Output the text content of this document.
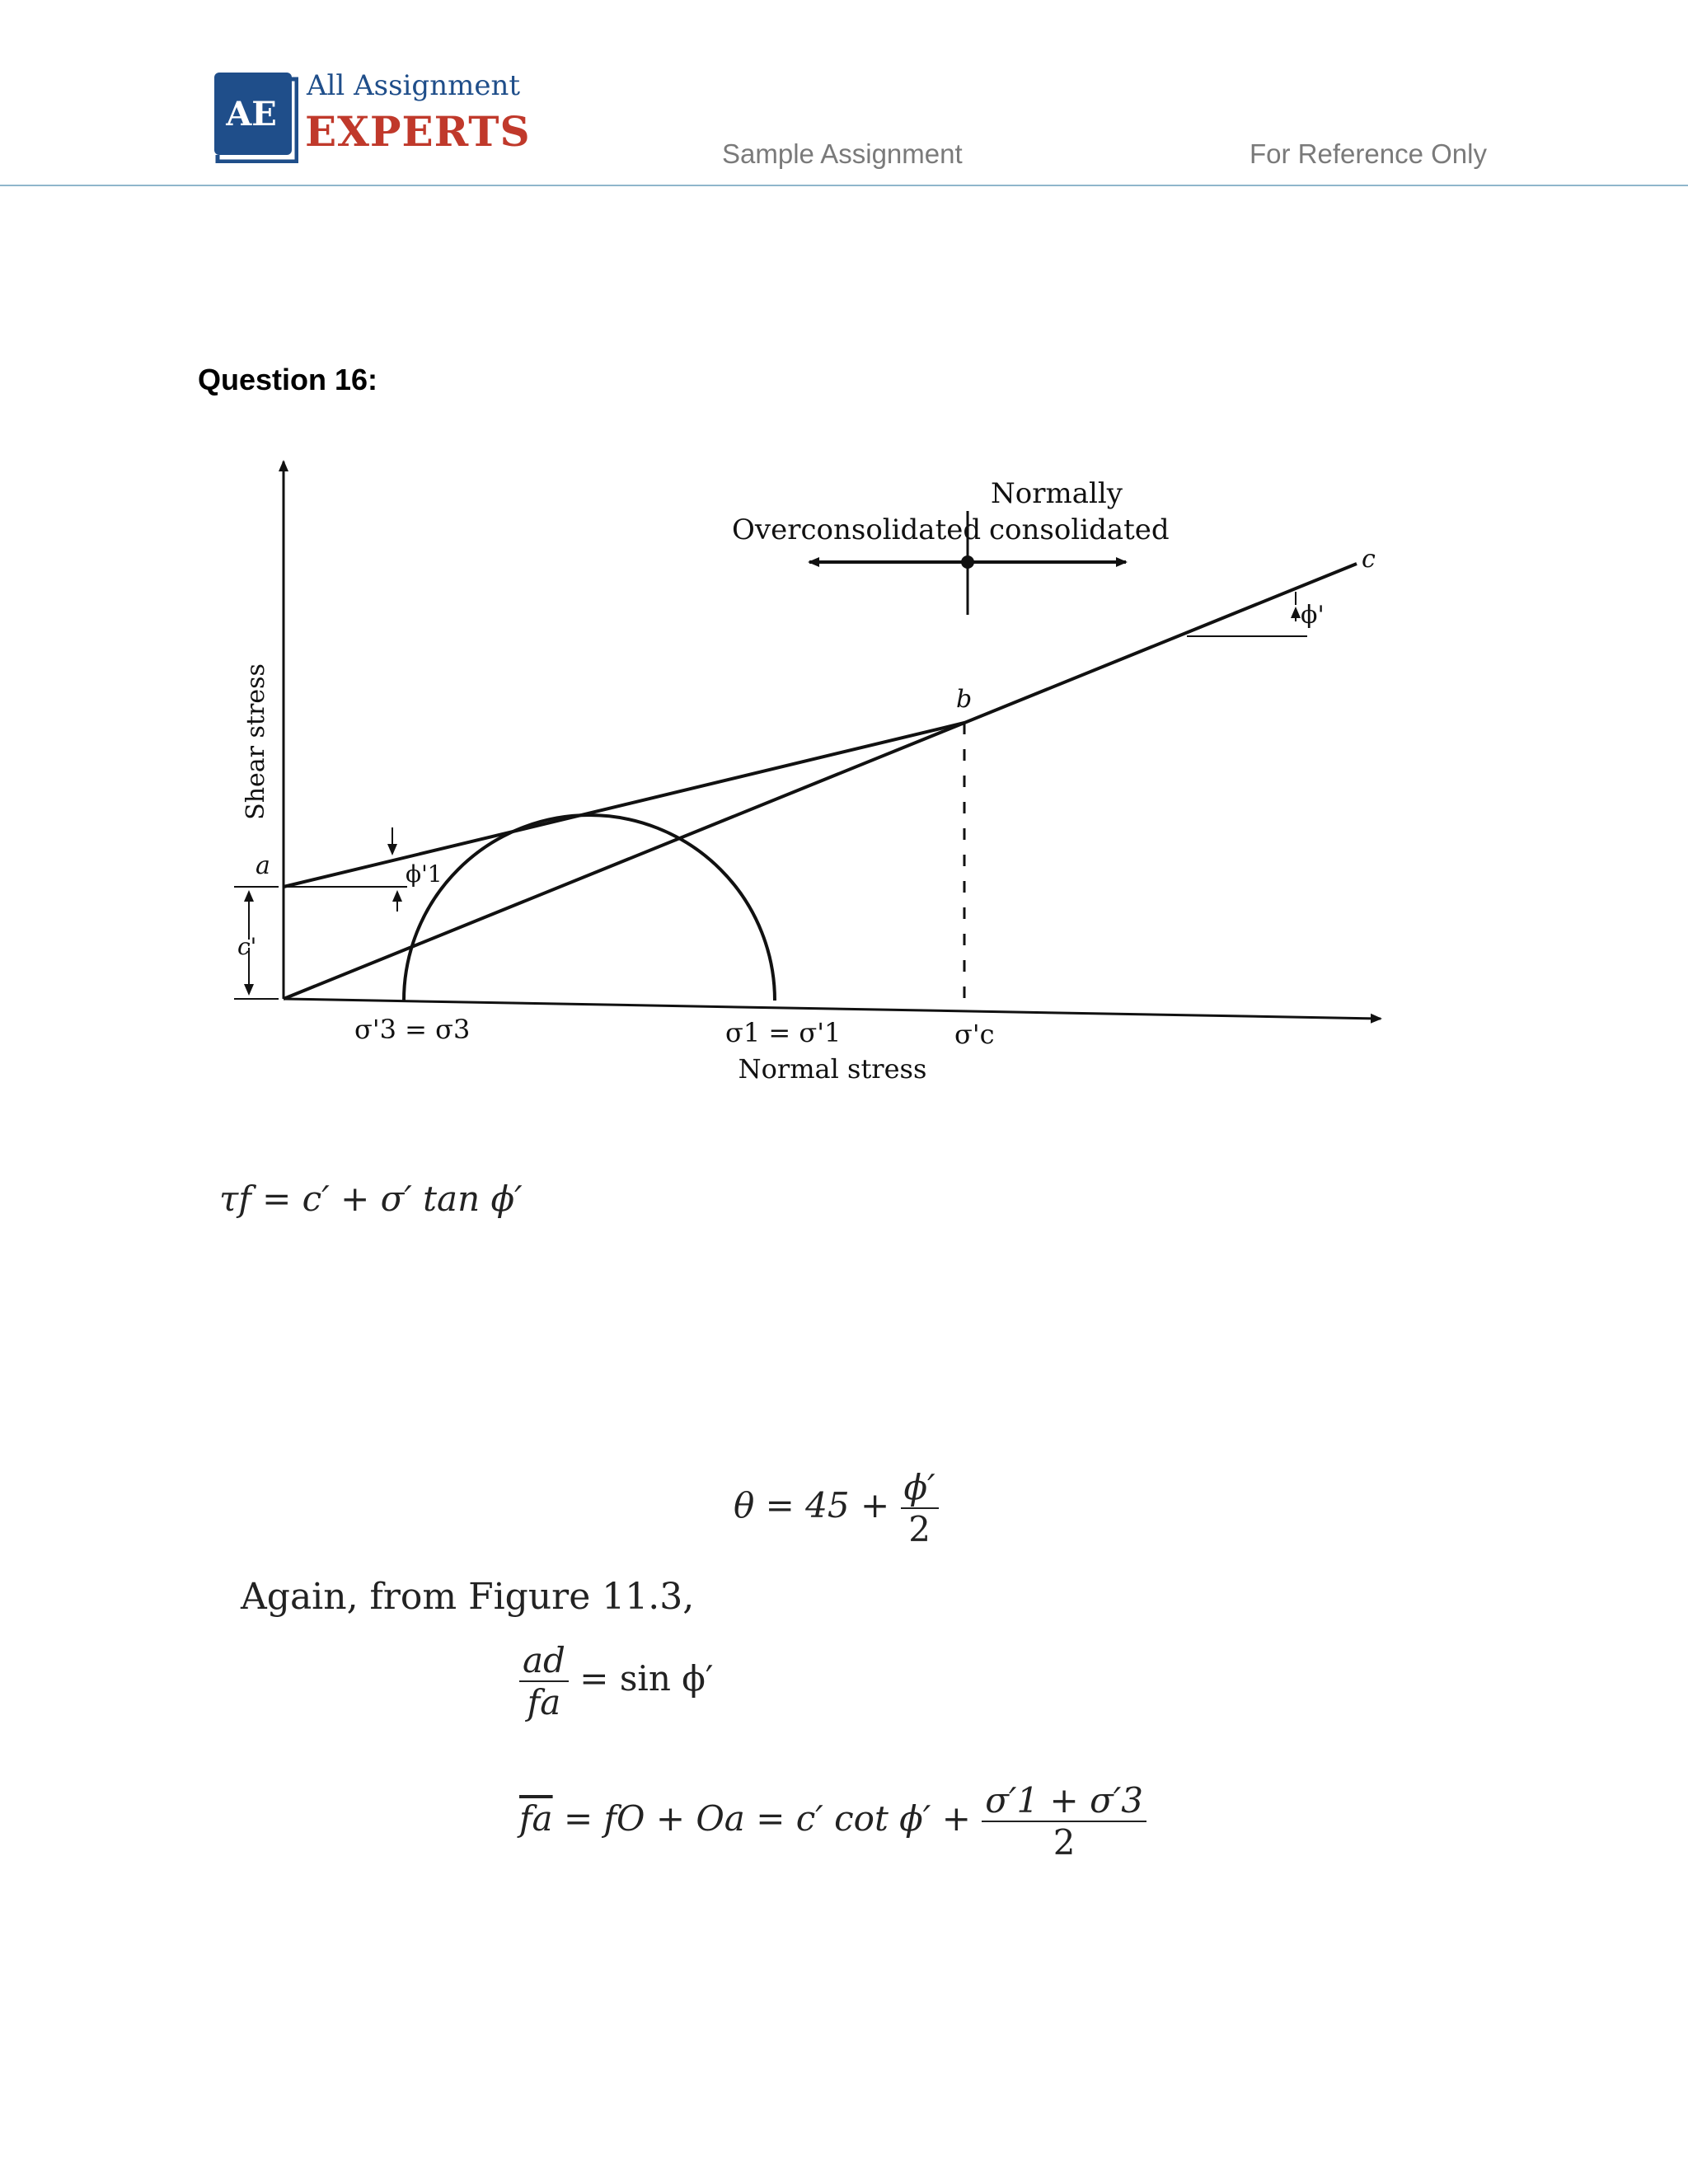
AE
All Assignment
EXPERTS	Sample Assignment	For Reference Only
Question 16:
Shear stress
Normal stress
Overconsolidated
Normally
consolidated
a
b
c
c'
ϕ'
ϕ'1
σ'3 = σ3	σ1 = σ'1	σ'c
τf = c′ + σ′ tan ϕ′
$\theta = 45 + \frac{\phi'}{2}$
Again, from Figure 11.3,
$\frac{ad}{fa} = \sin \phi'$
$\overline{fa}$ = fO + Oa = c′ $\cot \phi' + \frac{\sigma'1 + \sigma'3}{2}$
